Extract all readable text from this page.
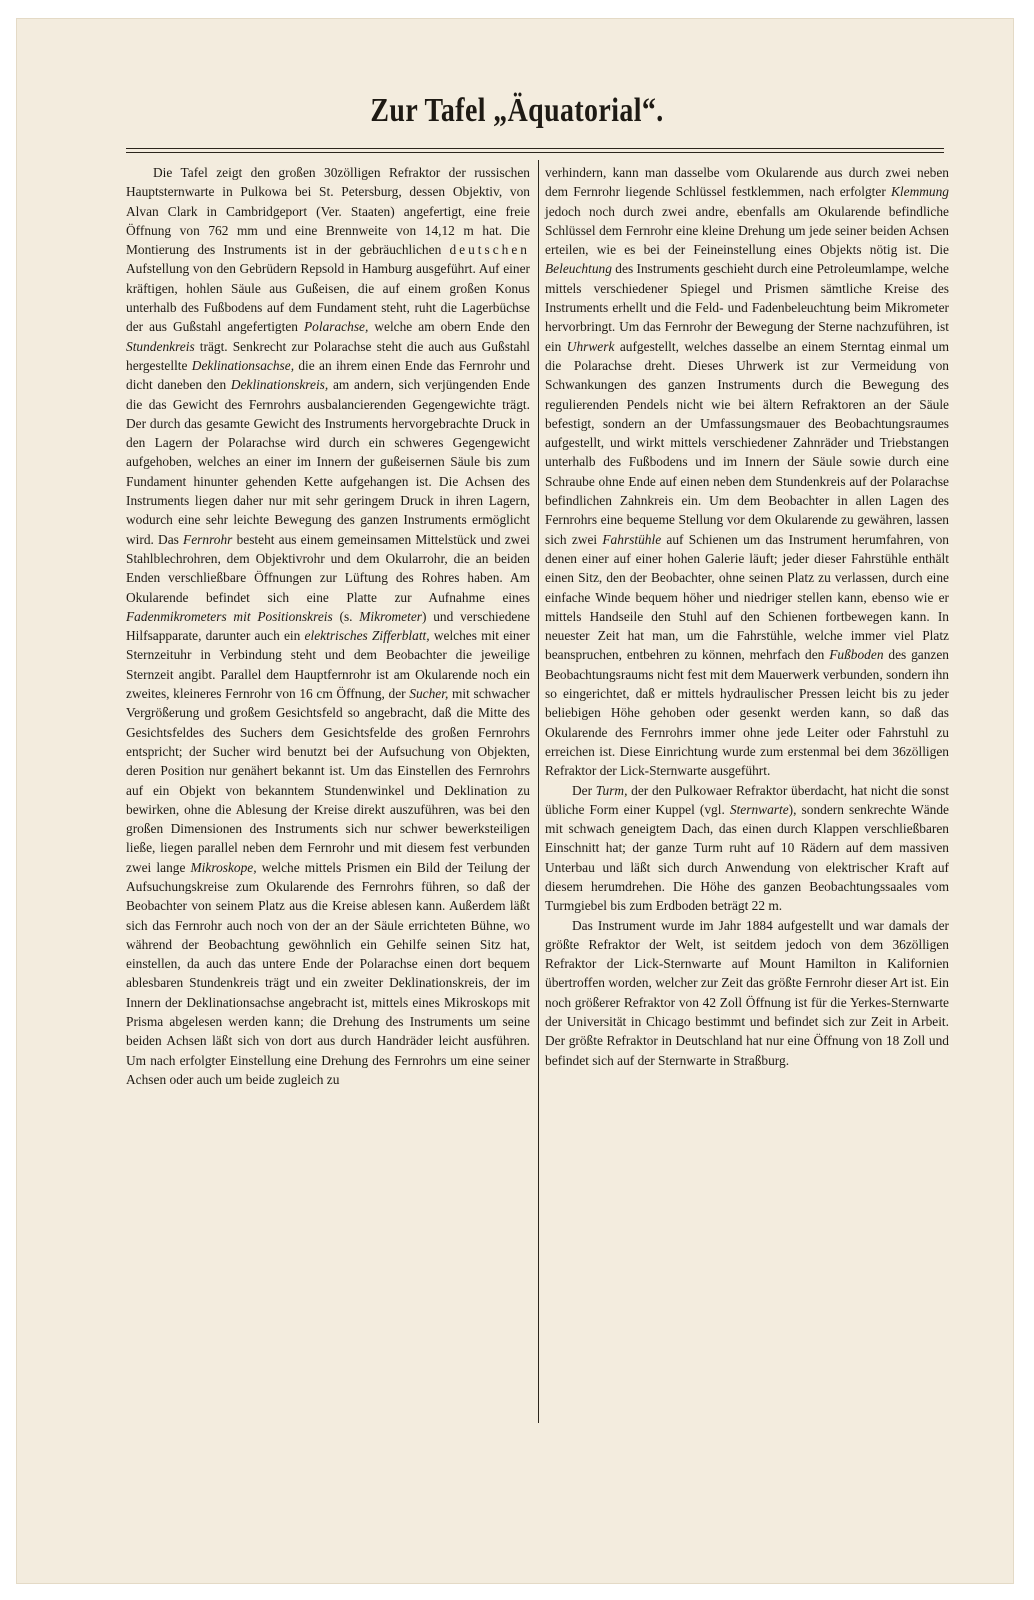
Zur Tafel „Äquatorial“.

Die Tafel zeigt den großen 30zölligen Refraktor der russischen Hauptsternwarte in Pulkowa bei St. Petersburg, dessen Objektiv, von Alvan Clark in Cambridgeport (Ver. Staaten) angefertigt, eine freie Öffnung von 762 mm und eine Brennweite von 14,12 m hat. Die Montierung des Instruments ist in der gebräuchlichen deutschen Aufstellung von den Gebrüdern Repsold in Hamburg ausgeführt. Auf einer kräftigen, hohlen Säule aus Gußeisen, die auf einem großen Konus unterhalb des Fußbodens auf dem Fundament steht, ruht die Lagerbüchse der aus Gußstahl angefertigten Polarachse, welche am obern Ende den Stundenkreis trägt. Senkrecht zur Polarachse steht die auch aus Gußstahl hergestellte Deklinationsachse, die an ihrem einen Ende das Fernrohr und dicht daneben den Deklinationskreis, am andern, sich verjüngenden Ende die das Gewicht des Fernrohrs ausbalancierenden Gegengewichte trägt. Der durch das gesamte Gewicht des Instruments hervorgebrachte Druck in den Lagern der Polarachse wird durch ein schweres Gegengewicht aufgehoben, welches an einer im Innern der gußeisernen Säule bis zum Fundament hinunter gehenden Kette aufgehangen ist. Die Achsen des Instruments liegen daher nur mit sehr geringem Druck in ihren Lagern, wodurch eine sehr leichte Bewegung des ganzen Instruments ermöglicht wird. Das Fernrohr besteht aus einem gemeinsamen Mittelstück und zwei Stahlblechrohren, dem Objektivrohr und dem Okularrohr, die an beiden Enden verschließbare Öffnungen zur Lüftung des Rohres haben. Am Okularende befindet sich eine Platte zur Aufnahme eines Fadenmikrometers mit Positionskreis (s. Mikrometer) und verschiedene Hilfsapparate, darunter auch ein elektrisches Zifferblatt, welches mit einer Sternzeituhr in Verbindung steht und dem Beobachter die jeweilige Sternzeit angibt. Parallel dem Hauptfernrohr ist am Okularende noch ein zweites, kleineres Fernrohr von 16 cm Öffnung, der Sucher, mit schwacher Vergrößerung und großem Gesichtsfeld so angebracht, daß die Mitte des Gesichtsfeldes des Suchers dem Gesichtsfelde des großen Fernrohrs entspricht; der Sucher wird benutzt bei der Aufsuchung von Objekten, deren Position nur genähert bekannt ist. Um das Einstellen des Fernrohrs auf ein Objekt von bekanntem Stundenwinkel und Deklination zu bewirken, ohne die Ablesung der Kreise direkt auszuführen, was bei den großen Dimensionen des Instruments sich nur schwer bewerksteiligen ließe, liegen parallel neben dem Fernrohr und mit diesem fest verbunden zwei lange Mikroskope, welche mittels Prismen ein Bild der Teilung der Aufsuchungskreise zum Okularende des Fernrohrs führen, so daß der Beobachter von seinem Platz aus die Kreise ablesen kann. Außerdem läßt sich das Fernrohr auch noch von der an der Säule errichteten Bühne, wo während der Beobachtung gewöhnlich ein Gehilfe seinen Sitz hat, einstellen, da auch das untere Ende der Polarachse einen dort bequem ablesbaren Stundenkreis trägt und ein zweiter Deklinationskreis, der im Innern der Deklinationsachse angebracht ist, mittels eines Mikroskops mit Prisma abgelesen werden kann; die Drehung des Instruments um seine beiden Achsen läßt sich von dort aus durch Handräder leicht ausführen. Um nach erfolgter Einstellung eine Drehung des Fernrohrs um eine seiner Achsen oder auch um beide zugleich zu

verhindern, kann man dasselbe vom Okularende aus durch zwei neben dem Fernrohr liegende Schlüssel festklemmen, nach erfolgter Klemmung jedoch noch durch zwei andre, ebenfalls am Okularende befindliche Schlüssel dem Fernrohr eine kleine Drehung um jede seiner beiden Achsen erteilen, wie es bei der Feineinstellung eines Objekts nötig ist. Die Beleuchtung des Instruments geschieht durch eine Petroleumlampe, welche mittels verschiedener Spiegel und Prismen sämtliche Kreise des Instruments erhellt und die Feld- und Fadenbeleuchtung beim Mikrometer hervorbringt. Um das Fernrohr der Bewegung der Sterne nachzuführen, ist ein Uhrwerk aufgestellt, welches dasselbe an einem Sterntag einmal um die Polarachse dreht. Dieses Uhrwerk ist zur Vermeidung von Schwankungen des ganzen Instruments durch die Bewegung des regulierenden Pendels nicht wie bei ältern Refraktoren an der Säule befestigt, sondern an der Umfassungsmauer des Beobachtungsraumes aufgestellt, und wirkt mittels verschiedener Zahnräder und Triebstangen unterhalb des Fußbodens und im Innern der Säule sowie durch eine Schraube ohne Ende auf einen neben dem Stundenkreis auf der Polarachse befindlichen Zahnkreis ein. Um dem Beobachter in allen Lagen des Fernrohrs eine bequeme Stellung vor dem Okularende zu gewähren, lassen sich zwei Fahrstühle auf Schienen um das Instrument herumfahren, von denen einer auf einer hohen Galerie läuft; jeder dieser Fahrstühle enthält einen Sitz, den der Beobachter, ohne seinen Platz zu verlassen, durch eine einfache Winde bequem höher und niedriger stellen kann, ebenso wie er mittels Handseile den Stuhl auf den Schienen fortbewegen kann. In neuester Zeit hat man, um die Fahrstühle, welche immer viel Platz beanspruchen, entbehren zu können, mehrfach den Fußboden des ganzen Beobachtungsraums nicht fest mit dem Mauerwerk verbunden, sondern ihn so eingerichtet, daß er mittels hydraulischer Pressen leicht bis zu jeder beliebigen Höhe gehoben oder gesenkt werden kann, so daß das Okularende des Fernrohrs immer ohne jede Leiter oder Fahrstuhl zu erreichen ist. Diese Einrichtung wurde zum erstenmal bei dem 36zölligen Refraktor der Lick-Sternwarte ausgeführt.

Der Turm, der den Pulkowaer Refraktor überdacht, hat nicht die sonst übliche Form einer Kuppel (vgl. Sternwarte), sondern senkrechte Wände mit schwach geneigtem Dach, das einen durch Klappen verschließbaren Einschnitt hat; der ganze Turm ruht auf 10 Rädern auf dem massiven Unterbau und läßt sich durch Anwendung von elektrischer Kraft auf diesem herumdrehen. Die Höhe des ganzen Beobachtungssaales vom Turmgiebel bis zum Erdboden beträgt 22 m.

Das Instrument wurde im Jahr 1884 aufgestellt und war damals der größte Refraktor der Welt, ist seitdem jedoch von dem 36zölligen Refraktor der Lick-Sternwarte auf Mount Hamilton in Kalifornien übertroffen worden, welcher zur Zeit das größte Fernrohr dieser Art ist. Ein noch größerer Refraktor von 42 Zoll Öffnung ist für die Yerkes-Sternwarte der Universität in Chicago bestimmt und befindet sich zur Zeit in Arbeit. Der größte Refraktor in Deutschland hat nur eine Öffnung von 18 Zoll und befindet sich auf der Sternwarte in Straßburg.
